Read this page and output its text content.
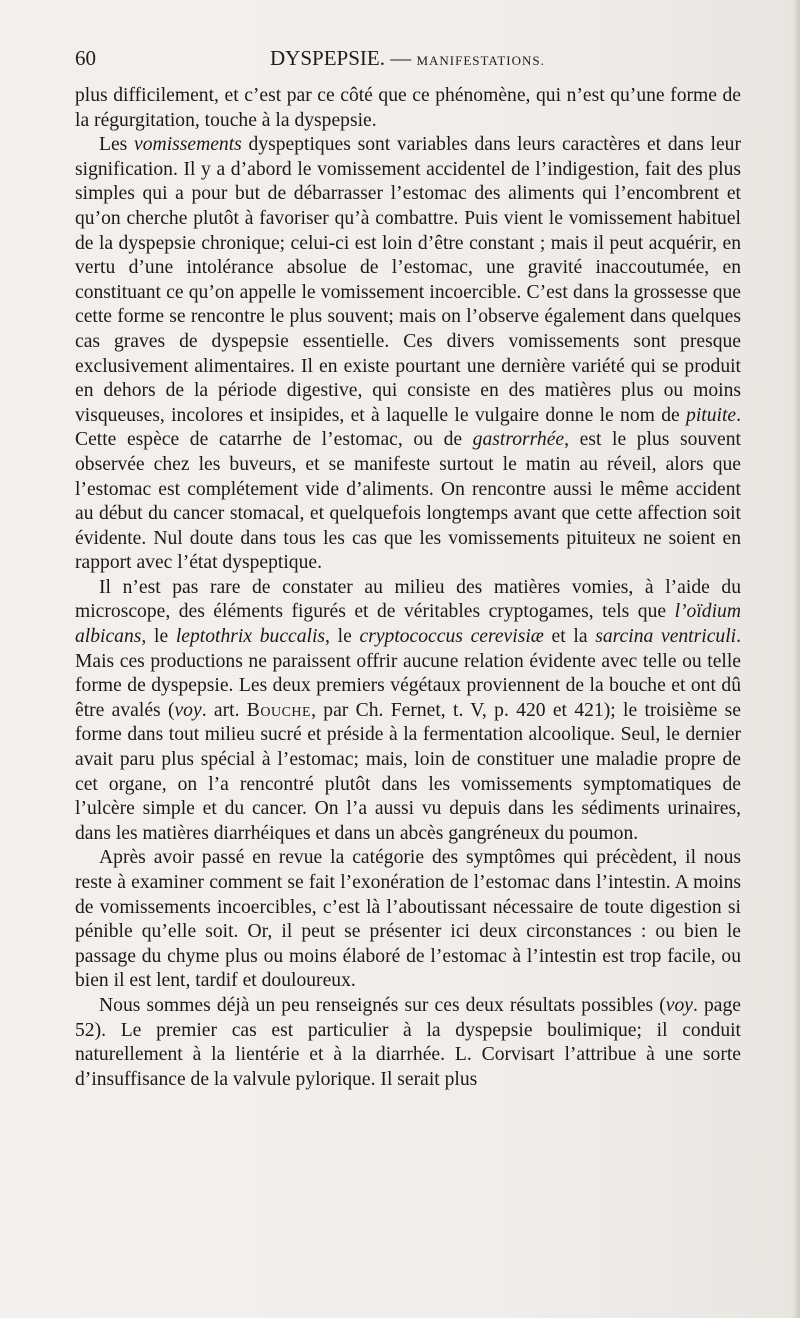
60	DYSPEPSIE. — MANIFESTATIONS.

plus difficilement, et c’est par ce côté que ce phénomène, qui n’est qu’une forme de la régurgitation, touche à la dyspepsie.

Les vomissements dyspeptiques sont variables dans leurs caractères et dans leur signification. Il y a d’abord le vomissement accidentel de l’indigestion, fait des plus simples qui a pour but de débarrasser l’estomac des aliments qui l’encombrent et qu’on cherche plutôt à favoriser qu’à combattre. Puis vient le vomissement habituel de la dyspepsie chronique; celui-ci est loin d’être constant ; mais il peut acquérir, en vertu d’une intolérance absolue de l’estomac, une gravité inaccoutumée, en constituant ce qu’on appelle le vomissement incoercible. C’est dans la grossesse que cette forme se rencontre le plus souvent; mais on l’observe également dans quelques cas graves de dyspepsie essentielle. Ces divers vomissements sont presque exclusivement alimentaires. Il en existe pourtant une dernière variété qui se produit en dehors de la période digestive, qui consiste en des matières plus ou moins visqueuses, incolores et insipides, et à laquelle le vulgaire donne le nom de pituite. Cette espèce de catarrhe de l’estomac, ou de gastrorrhée, est le plus souvent observée chez les buveurs, et se manifeste surtout le matin au réveil, alors que l’estomac est complétement vide d’aliments. On rencontre aussi le même accident au début du cancer stomacal, et quelquefois longtemps avant que cette affection soit évidente. Nul doute dans tous les cas que les vomissements pituiteux ne soient en rapport avec l’état dyspeptique.

Il n’est pas rare de constater au milieu des matières vomies, à l’aide du microscope, des éléments figurés et de véritables cryptogames, tels que l’oïdium albicans, le leptothrix buccalis, le cryptococcus cerevisiæ et la sarcina ventriculi. Mais ces productions ne paraissent offrir aucune relation évidente avec telle ou telle forme de dyspepsie. Les deux premiers végétaux proviennent de la bouche et ont dû être avalés (voy. art. Bouche, par Ch. Fernet, t. V, p. 420 et 421); le troisième se forme dans tout milieu sucré et préside à la fermentation alcoolique. Seul, le dernier avait paru plus spécial à l’estomac; mais, loin de constituer une maladie propre de cet organe, on l’a rencontré plutôt dans les vomissements symptomatiques de l’ulcère simple et du cancer. On l’a aussi vu depuis dans les sédiments urinaires, dans les matières diarrhéiques et dans un abcès gangréneux du poumon.

Après avoir passé en revue la catégorie des symptômes qui précèdent, il nous reste à examiner comment se fait l’exonération de l’estomac dans l’intestin. A moins de vomissements incoercibles, c’est là l’aboutissant nécessaire de toute digestion si pénible qu’elle soit. Or, il peut se présenter ici deux circonstances : ou bien le passage du chyme plus ou moins élaboré de l’estomac à l’intestin est trop facile, ou bien il est lent, tardif et douloureux.

Nous sommes déjà un peu renseignés sur ces deux résultats possibles (voy. page 52). Le premier cas est particulier à la dyspepsie boulimique; il conduit naturellement à la lientérie et à la diarrhée. L. Corvisart l’attribue à une sorte d’insuffisance de la valvule pylorique. Il serait plus
